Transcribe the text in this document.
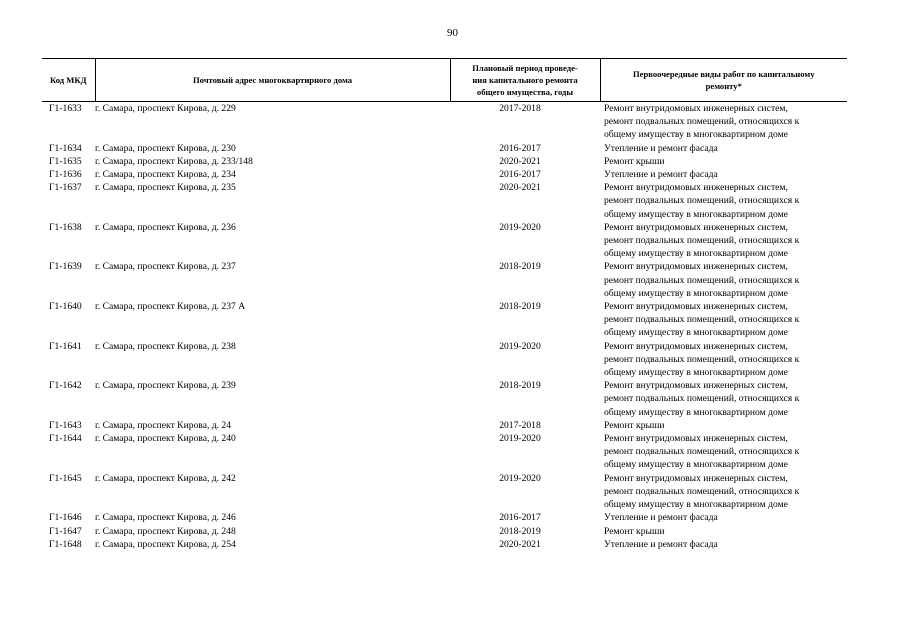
90
Код МКД	Почтовый адрес многоквартирного дома	Плановый период проведе-
ния капитального ремонта
общего имущества, годы	Первоочередные виды работ по капитальному
ремонту*

Г1-1633	г. Самара, проспект Кирова, д. 229	2017-2018	Ремонт внутридомовых инженерных систем,
ремонт подвальных помещений, относящихся к
общему имуществу в многоквартирном доме

Г1-1634	г. Самара, проспект Кирова, д. 230	2016-2017	Утепление и ремонт фасада

Г1-1635	г. Самара, проспект Кирова, д. 233/148	2020-2021	Ремонт крыши

Г1-1636	г. Самара, проспект Кирова, д. 234	2016-2017	Утепление и ремонт фасада

Г1-1637	г. Самара, проспект Кирова, д. 235	2020-2021	Ремонт внутридомовых инженерных систем,
ремонт подвальных помещений, относящихся к
общему имуществу в многоквартирном доме

Г1-1638	г. Самара, проспект Кирова, д. 236	2019-2020	Ремонт внутридомовых инженерных систем,
ремонт подвальных помещений, относящихся к
общему имуществу в многоквартирном доме

Г1-1639	г. Самара, проспект Кирова, д. 237	2018-2019	Ремонт внутридомовых инженерных систем,
ремонт подвальных помещений, относящихся к
общему имуществу в многоквартирном доме

Г1-1640	г. Самара, проспект Кирова, д. 237 А	2018-2019	Ремонт внутридомовых инженерных систем,
ремонт подвальных помещений, относящихся к
общему имуществу в многоквартирном доме

Г1-1641	г. Самара, проспект Кирова, д. 238	2019-2020	Ремонт внутридомовых инженерных систем,
ремонт подвальных помещений, относящихся к
общему имуществу в многоквартирном доме

Г1-1642	г. Самара, проспект Кирова, д. 239	2018-2019	Ремонт внутридомовых инженерных систем,
ремонт подвальных помещений, относящихся к
общему имуществу в многоквартирном доме

Г1-1643	г. Самара, проспект Кирова, д. 24	2017-2018	Ремонт крыши

Г1-1644	г. Самара, проспект Кирова, д. 240	2019-2020	Ремонт внутридомовых инженерных систем,
ремонт подвальных помещений, относящихся к
общему имуществу в многоквартирном доме

Г1-1645	г. Самара, проспект Кирова, д. 242	2019-2020	Ремонт внутридомовых инженерных систем,
ремонт подвальных помещений, относящихся к
общему имуществу в многоквартирном доме

Г1-1646	г. Самара, проспект Кирова, д. 246	2016-2017	Утепление и ремонт фасада

Г1-1647	г. Самара, проспект Кирова, д. 248	2018-2019	Ремонт крыши

Г1-1648	г. Самара, проспект Кирова, д. 254	2020-2021	Утепление и ремонт фасада
